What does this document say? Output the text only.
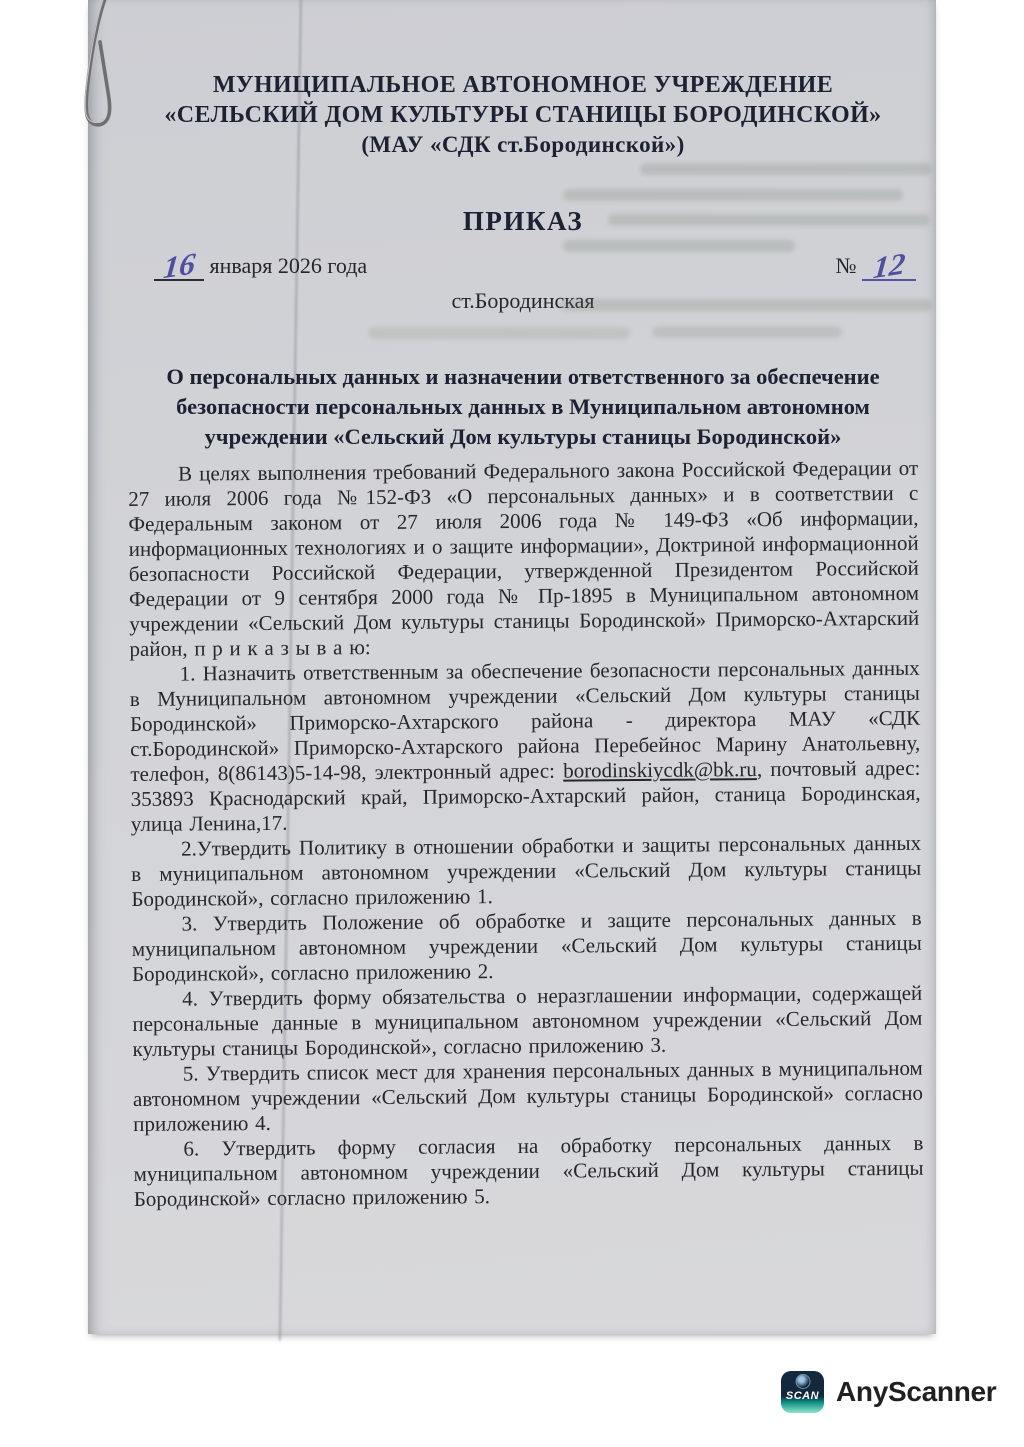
МУНИЦИПАЛЬНОЕ АВТОНОМНОЕ УЧРЕЖДЕНИЕ
«СЕЛЬСКИЙ ДОМ КУЛЬТУРЫ СТАНИЦЫ БОРОДИНСКОЙ»
(МАУ «СДК ст.Бородинской»)
ПРИКАЗ
16 января 2026 года	№ 12
ст.Бородинская
О персональных данных и назначении ответственного за обеспечение
безопасности персональных данных в Муниципальном автономном
учреждении «Сельский Дом культуры станицы Бородинской»

В целях выполнения требований Федерального закона Российской Федерации от 27 июля 2006 года №152-ФЗ «О персональных данных» и в соответствии с Федеральным законом от 27 июля 2006 года № 149-ФЗ «Об информации, информационных технологиях и о защите информации», Доктриной информационной безопасности Российской Федерации, утвержденной Президентом Российской Федерации от 9 сентября 2000 года № Пр-1895 в Муниципальном автономном учреждении «Сельский Дом культуры станицы Бородинской» Приморско-Ахтарский район, п р и к а з ы в а ю:

1. Назначить ответственным за обеспечение безопасности персональных данных в Муниципальном автономном учреждении «Сельский Дом культуры станицы Бородинской» Приморско-Ахтарского района - директора МАУ «СДК ст.Бородинской» Приморско-Ахтарского района Перебейнос Марину Анатольевну, телефон, 8(86143)5-14-98, электронный адрес: borodinskiycdk@bk.ru, почтовый адрес: 353893 Краснодарский край, Приморско-Ахтарский район, станица Бородинская, улица Ленина,17.

2.Утвердить Политику в отношении обработки и защиты персональных данных в муниципальном автономном учреждении «Сельский Дом культуры станицы Бородинской», согласно приложению 1.

3. Утвердить Положение об обработке и защите персональных данных в муниципальном автономном учреждении «Сельский Дом культуры станицы Бородинской», согласно приложению 2.

4. Утвердить форму обязательства о неразглашении информации, содержащей персональные данные в муниципальном автономном учреждении «Сельский Дом культуры станицы Бородинской», согласно приложению 3.

5. Утвердить список мест для хранения персональных данных в муниципальном автономном учреждении «Сельский Дом культуры станицы Бородинской» согласно приложению 4.

6. Утвердить форму согласия на обработку персональных данных в муниципальном автономном учреждении «Сельский Дом культуры станицы Бородинской» согласно приложению 5.

SCAN AnyScanner
